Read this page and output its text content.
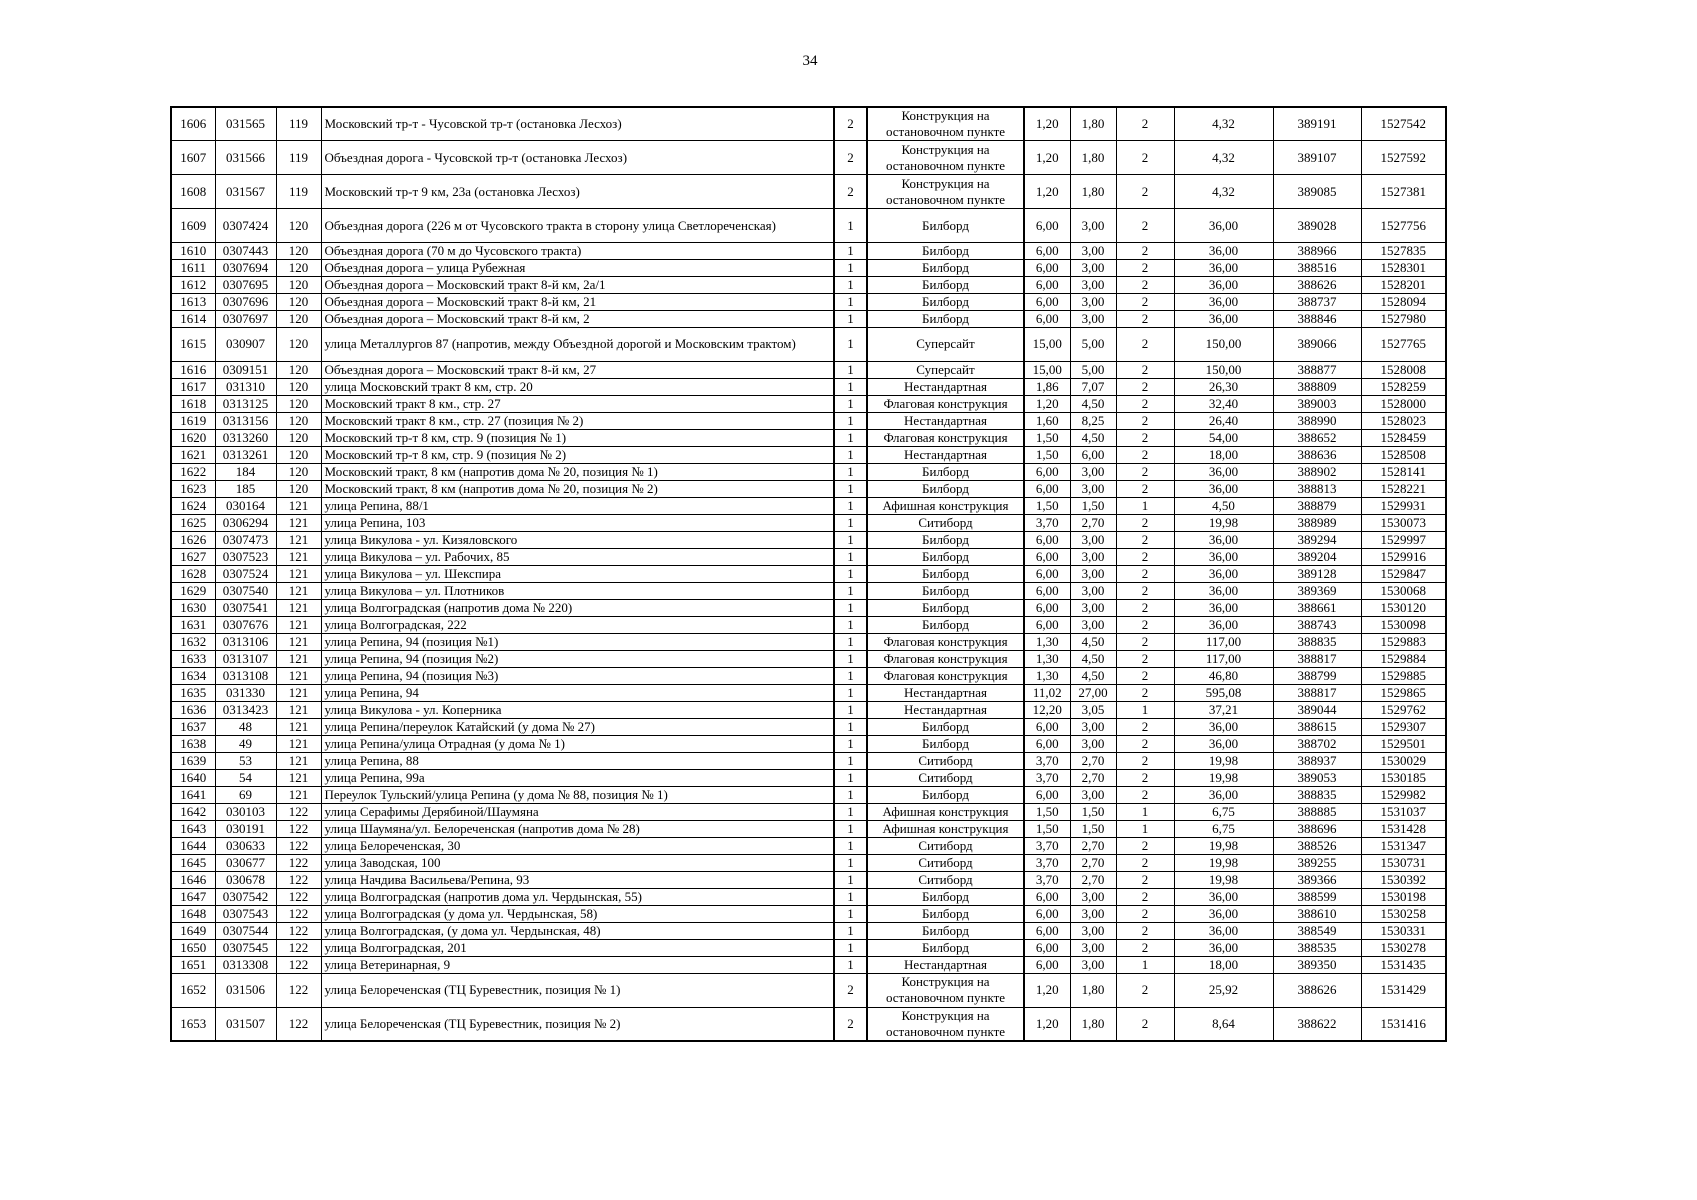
34
1606	031565	119	Московский тр-т - Чусовской тр-т (остановка Лесхоз)	2	Конструкция на остановочном пункте	1,20	1,80	2	4,32	389191	1527542
1607	031566	119	Объездная дорога - Чусовской тр-т (остановка Лесхоз)	2	Конструкция на остановочном пункте	1,20	1,80	2	4,32	389107	1527592
1608	031567	119	Московский тр-т 9 км, 23а (остановка Лесхоз)	2	Конструкция на остановочном пункте	1,20	1,80	2	4,32	389085	1527381
1609	0307424	120	Объездная дорога (226 м от Чусовского тракта в сторону улица Светлореченская)	1	Билборд	6,00	3,00	2	36,00	389028	1527756
1610	0307443	120	Объездная дорога (70 м до Чусовского тракта)	1	Билборд	6,00	3,00	2	36,00	388966	1527835
1611	0307694	120	Объездная дорога – улица Рубежная	1	Билборд	6,00	3,00	2	36,00	388516	1528301
1612	0307695	120	Объездная дорога – Московский тракт 8-й км, 2а/1	1	Билборд	6,00	3,00	2	36,00	388626	1528201
1613	0307696	120	Объездная дорога – Московский тракт 8-й км, 21	1	Билборд	6,00	3,00	2	36,00	388737	1528094
1614	0307697	120	Объездная дорога – Московский тракт 8-й км, 2	1	Билборд	6,00	3,00	2	36,00	388846	1527980
1615	030907	120	улица Металлургов 87 (напротив, между Объездной дорогой и Московским трактом)	1	Суперсайт	15,00	5,00	2	150,00	389066	1527765
1616	0309151	120	Объездная дорога – Московский тракт 8-й км, 27	1	Суперсайт	15,00	5,00	2	150,00	388877	1528008
1617	031310	120	улица Московский тракт 8 км, стр. 20	1	Нестандартная	1,86	7,07	2	26,30	388809	1528259
1618	0313125	120	Московский тракт 8 км., стр. 27	1	Флаговая конструкция	1,20	4,50	2	32,40	389003	1528000
1619	0313156	120	Московский тракт 8 км., стр. 27 (позиция № 2)	1	Нестандартная	1,60	8,25	2	26,40	388990	1528023
1620	0313260	120	Московский тр-т 8 км, стр. 9 (позиция № 1)	1	Флаговая конструкция	1,50	4,50	2	54,00	388652	1528459
1621	0313261	120	Московский тр-т 8 км, стр. 9 (позиция № 2)	1	Нестандартная	1,50	6,00	2	18,00	388636	1528508
1622	184	120	Московский тракт, 8 км (напротив дома № 20, позиция № 1)	1	Билборд	6,00	3,00	2	36,00	388902	1528141
1623	185	120	Московский тракт, 8 км (напротив дома № 20, позиция № 2)	1	Билборд	6,00	3,00	2	36,00	388813	1528221
1624	030164	121	улица Репина, 88/1	1	Афишная конструкция	1,50	1,50	1	4,50	388879	1529931
1625	0306294	121	улица Репина, 103	1	Ситиборд	3,70	2,70	2	19,98	388989	1530073
1626	0307473	121	улица Викулова - ул. Кизяловского	1	Билборд	6,00	3,00	2	36,00	389294	1529997
1627	0307523	121	улица Викулова – ул. Рабочих, 85	1	Билборд	6,00	3,00	2	36,00	389204	1529916
1628	0307524	121	улица Викулова – ул. Шекспира	1	Билборд	6,00	3,00	2	36,00	389128	1529847
1629	0307540	121	улица Викулова – ул. Плотников	1	Билборд	6,00	3,00	2	36,00	389369	1530068
1630	0307541	121	улица Волгоградская (напротив дома № 220)	1	Билборд	6,00	3,00	2	36,00	388661	1530120
1631	0307676	121	улица Волгоградская, 222	1	Билборд	6,00	3,00	2	36,00	388743	1530098
1632	0313106	121	улица Репина, 94 (позиция №1)	1	Флаговая конструкция	1,30	4,50	2	117,00	388835	1529883
1633	0313107	121	улица Репина, 94 (позиция №2)	1	Флаговая конструкция	1,30	4,50	2	117,00	388817	1529884
1634	0313108	121	улица Репина, 94 (позиция №3)	1	Флаговая конструкция	1,30	4,50	2	46,80	388799	1529885
1635	031330	121	улица Репина, 94	1	Нестандартная	11,02	27,00	2	595,08	388817	1529865
1636	0313423	121	улица Викулова - ул. Коперника	1	Нестандартная	12,20	3,05	1	37,21	389044	1529762
1637	48	121	улица Репина/переулок Катайский (у дома № 27)	1	Билборд	6,00	3,00	2	36,00	388615	1529307
1638	49	121	улица Репина/улица Отрадная (у дома № 1)	1	Билборд	6,00	3,00	2	36,00	388702	1529501
1639	53	121	улица Репина, 88	1	Ситиборд	3,70	2,70	2	19,98	388937	1530029
1640	54	121	улица Репина, 99а	1	Ситиборд	3,70	2,70	2	19,98	389053	1530185
1641	69	121	Переулок Тульский/улица Репина (у дома № 88, позиция № 1)	1	Билборд	6,00	3,00	2	36,00	388835	1529982
1642	030103	122	улица Серафимы Дерябиной/Шаумяна	1	Афишная конструкция	1,50	1,50	1	6,75	388885	1531037
1643	030191	122	улица Шаумяна/ул. Белореченская (напротив дома № 28)	1	Афишная конструкция	1,50	1,50	1	6,75	388696	1531428
1644	030633	122	улица Белореченская, 30	1	Ситиборд	3,70	2,70	2	19,98	388526	1531347
1645	030677	122	улица Заводская, 100	1	Ситиборд	3,70	2,70	2	19,98	389255	1530731
1646	030678	122	улица Начдива Васильева/Репина, 93	1	Ситиборд	3,70	2,70	2	19,98	389366	1530392
1647	0307542	122	улица Волгоградская (напротив дома ул. Чердынская, 55)	1	Билборд	6,00	3,00	2	36,00	388599	1530198
1648	0307543	122	улица Волгоградская (у дома ул. Чердынская, 58)	1	Билборд	6,00	3,00	2	36,00	388610	1530258
1649	0307544	122	улица Волгоградская, (у дома ул. Чердынская, 48)	1	Билборд	6,00	3,00	2	36,00	388549	1530331
1650	0307545	122	улица Волгоградская, 201	1	Билборд	6,00	3,00	2	36,00	388535	1530278
1651	0313308	122	улица Ветеринарная, 9	1	Нестандартная	6,00	3,00	1	18,00	389350	1531435
1652	031506	122	улица Белореченская (ТЦ Буревестник, позиция № 1)	2	Конструкция на остановочном пункте	1,20	1,80	2	25,92	388626	1531429
1653	031507	122	улица Белореченская (ТЦ Буревестник, позиция № 2)	2	Конструкция на остановочном пункте	1,20	1,80	2	8,64	388622	1531416
